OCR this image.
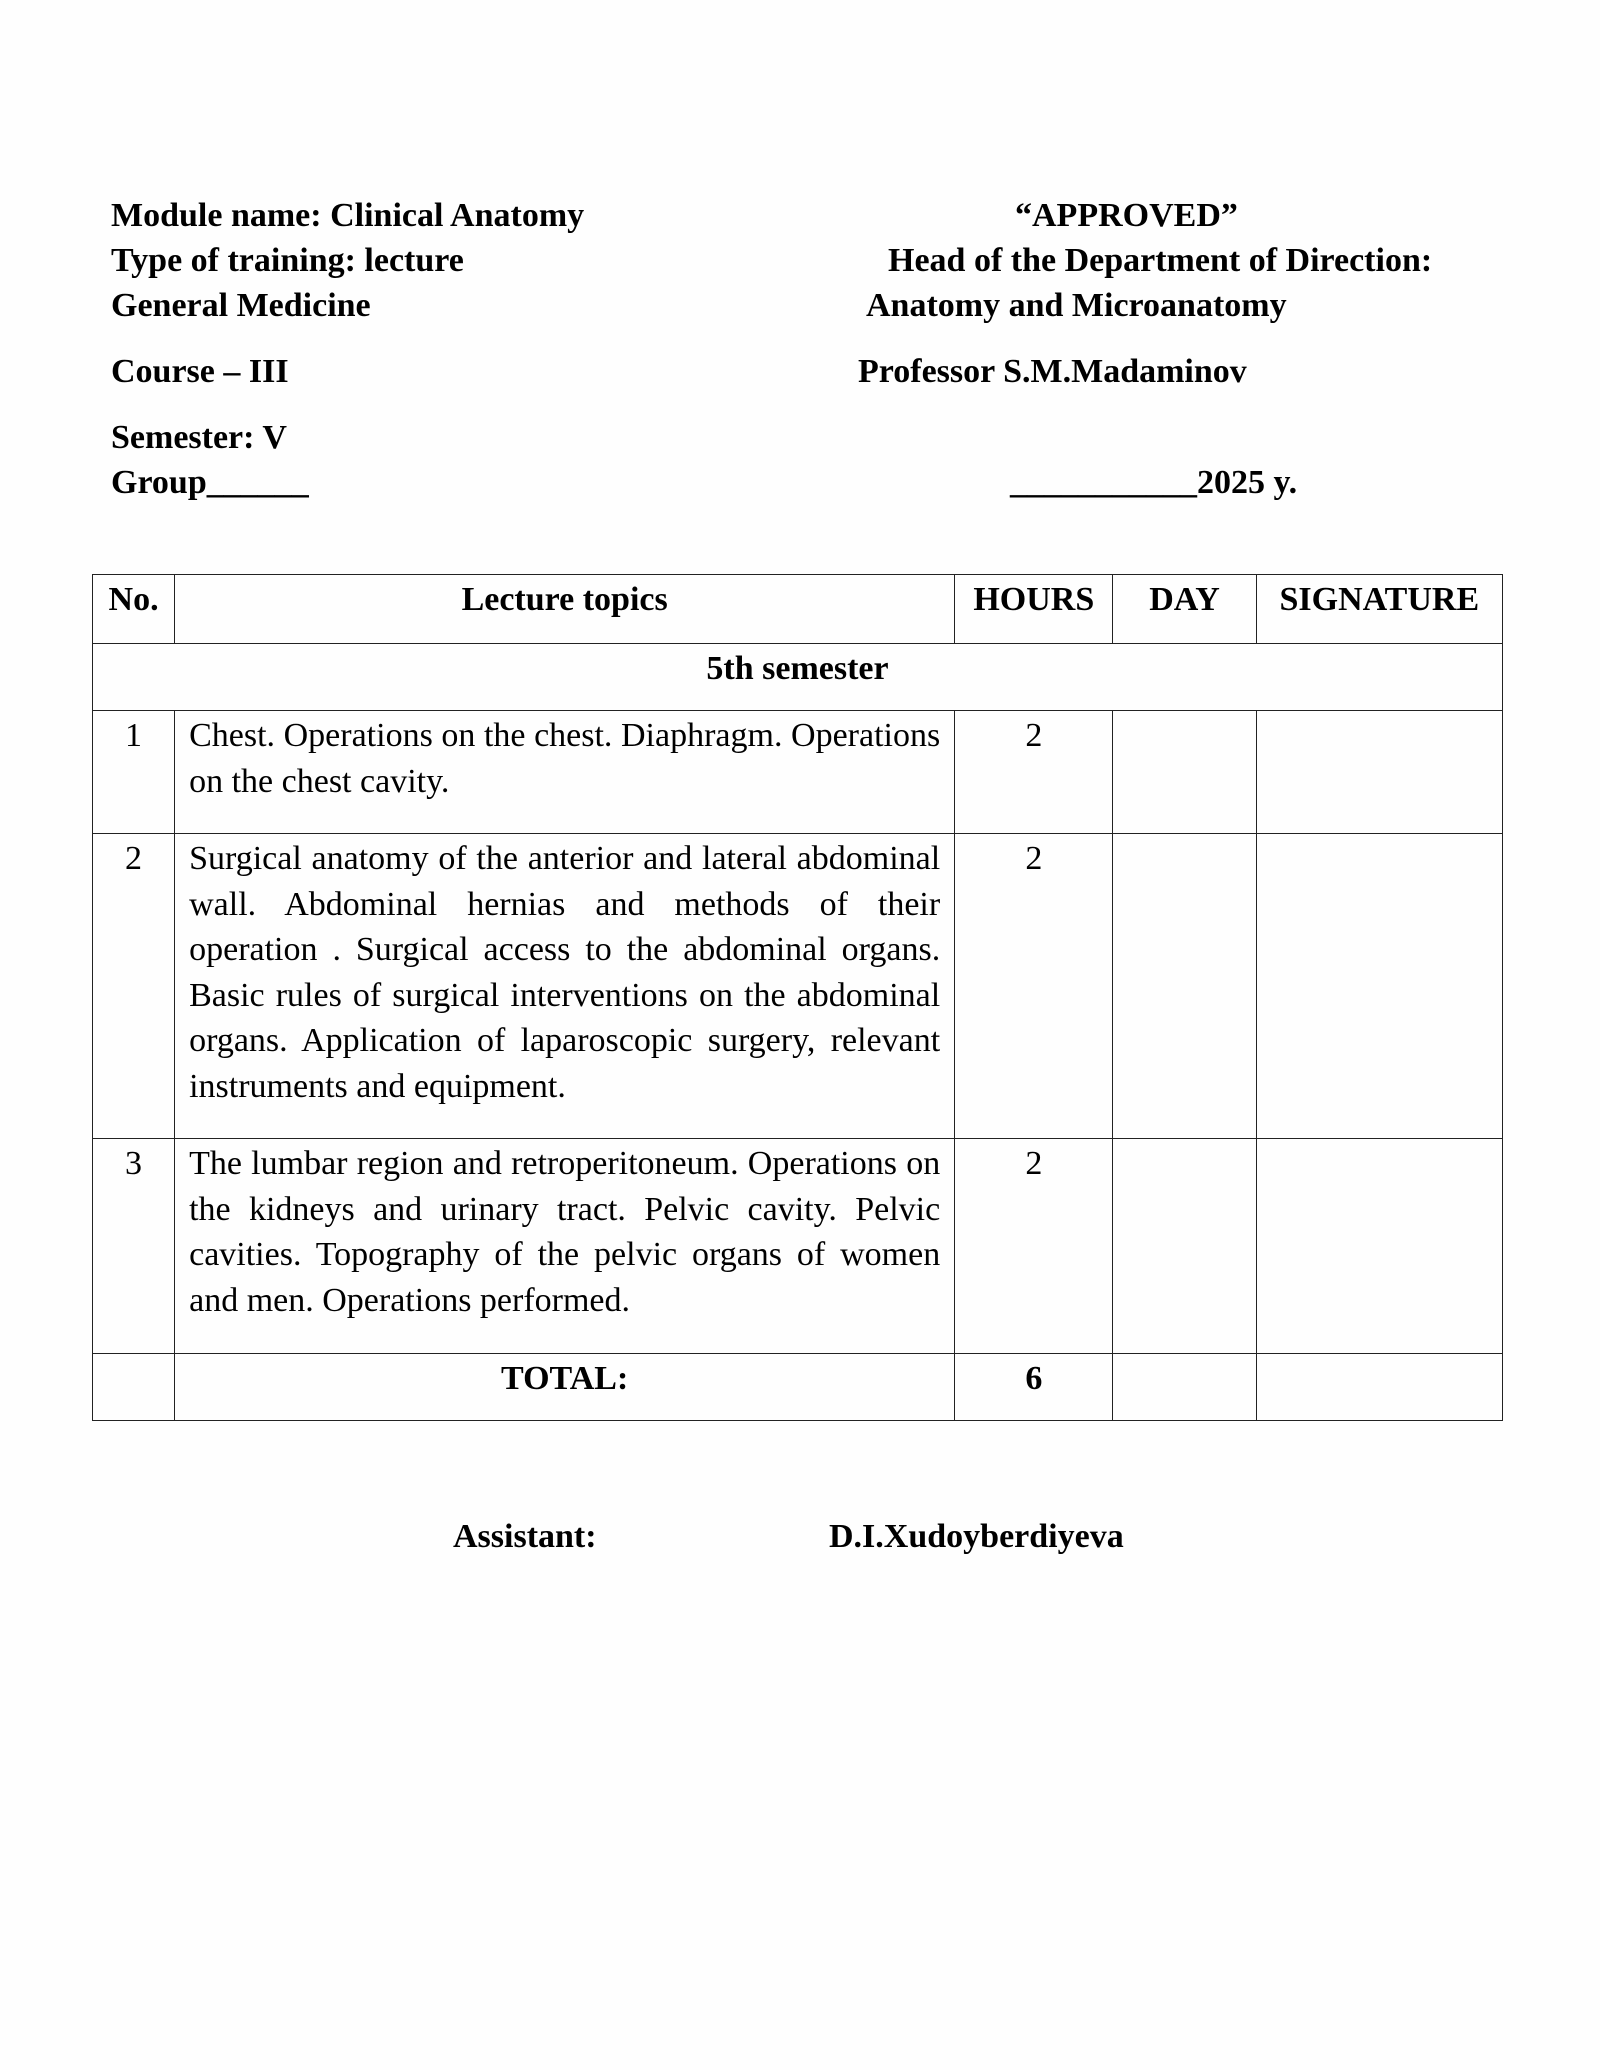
Module name: Clinical Anatomy
Type of training: lecture
General Medicine
Course – III
Semester: V
Group______
“APPROVED”
Head of the Department of Direction:
Anatomy and Microanatomy
Professor S.M.Madaminov
___________2025 y.
No.	Lecture topics	HOURS	DAY	SIGNATURE
5th semester				
1	Chest. Operations on the chest. Diaphragm. Operations on the chest cavity.	2		
2	Surgical anatomy of the anterior and lateral abdominal wall. Abdominal hernias and methods of their operation . Surgical access to the abdominal organs. Basic rules of surgical interventions on the abdominal organs. Application of laparoscopic surgery, relevant instruments and equipment.	2		
3	The lumbar region and retroperitoneum. Operations on the kidneys and urinary tract. Pelvic cavity. Pelvic cavities. Topography of the pelvic organs of women and men. Operations performed.	2		
	TOTAL:	6		
Assistant:	D.I.Xudoyberdiyeva
